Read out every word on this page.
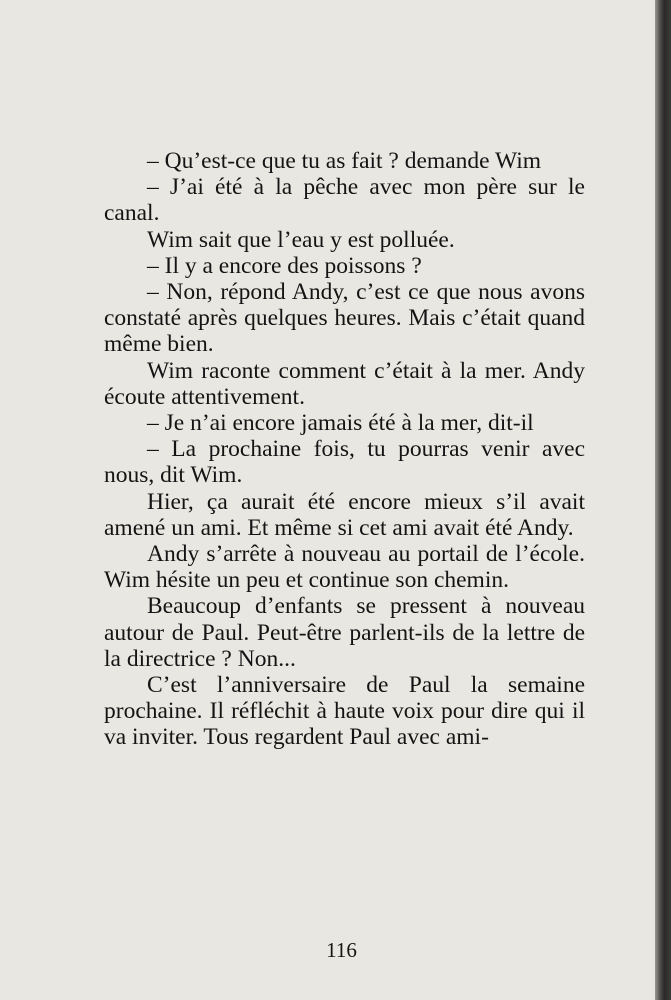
– Qu’est-ce que tu as fait ? demande Wim

– J’ai été à la pêche avec mon père sur le canal.

Wim sait que l’eau y est polluée.

– Il y a encore des poissons ?

– Non, répond Andy, c’est ce que nous avons constaté après quelques heures. Mais c’était quand même bien.

Wim raconte comment c’était à la mer. Andy écoute attentivement.

– Je n’ai encore jamais été à la mer, dit-il

– La prochaine fois, tu pourras venir avec nous, dit Wim.

Hier, ça aurait été encore mieux s’il avait amené un ami. Et même si cet ami avait été Andy.

Andy s’arrête à nouveau au portail de l’école. Wim hésite un peu et continue son chemin.

Beaucoup d’enfants se pressent à nouveau autour de Paul. Peut-être parlent-ils de la lettre de la directrice ? Non...

C’est l’anniversaire de Paul la semaine prochaine. Il réfléchit à haute voix pour dire qui il va inviter. Tous regardent Paul avec ami-

116
